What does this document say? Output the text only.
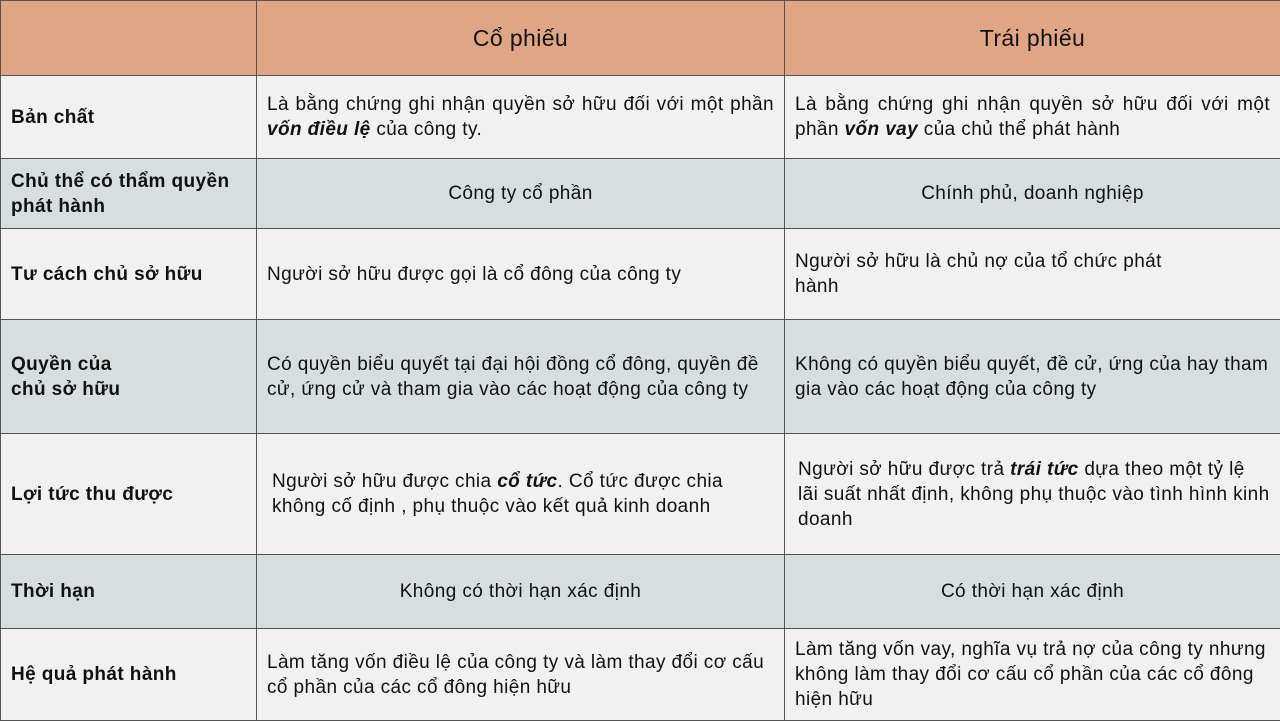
	Cổ phiếu	Trái phiếu
Bản chất	Là bằng chứng ghi nhận quyền sở hữu đối với một phần vốn điều lệ của công ty.	Là bằng chứng ghi nhận quyền sở hữu đối với một phần vốn vay của chủ thể phát hành
Chủ thể có thẩm quyền phát hành	Công ty cổ phần	Chính phủ, doanh nghiệp
Tư cách chủ sở hữu	Người sở hữu được gọi là cổ đông của công ty	Người sở hữu là chủ nợ của tổ chức phát hành
Quyền của chủ sở hữu	Có quyền biểu quyết tại đại hội đồng cổ đông, quyền đề cử, ứng cử và tham gia vào các hoạt động của công ty	Không có quyền biểu quyết, đề cử, ứng của hay tham gia vào các hoạt động của công ty
Lợi tức thu được	Người sở hữu được chia cổ tức. Cổ tức được chia không cố định , phụ thuộc vào kết quả kinh doanh	Người sở hữu được trả trái tức dựa theo một tỷ lệ lãi suất nhất định, không phụ thuộc vào tình hình kinh doanh
Thời hạn	Không có thời hạn xác định	Có thời hạn xác định
Hệ quả phát hành	Làm tăng vốn điều lệ của công ty và làm thay đổi cơ cấu cổ phần của các cổ đông hiện hữu	Làm tăng vốn vay, nghĩa vụ trả nợ của công ty nhưng không làm thay đổi cơ cấu cổ phần của các cổ đông hiện hữu
